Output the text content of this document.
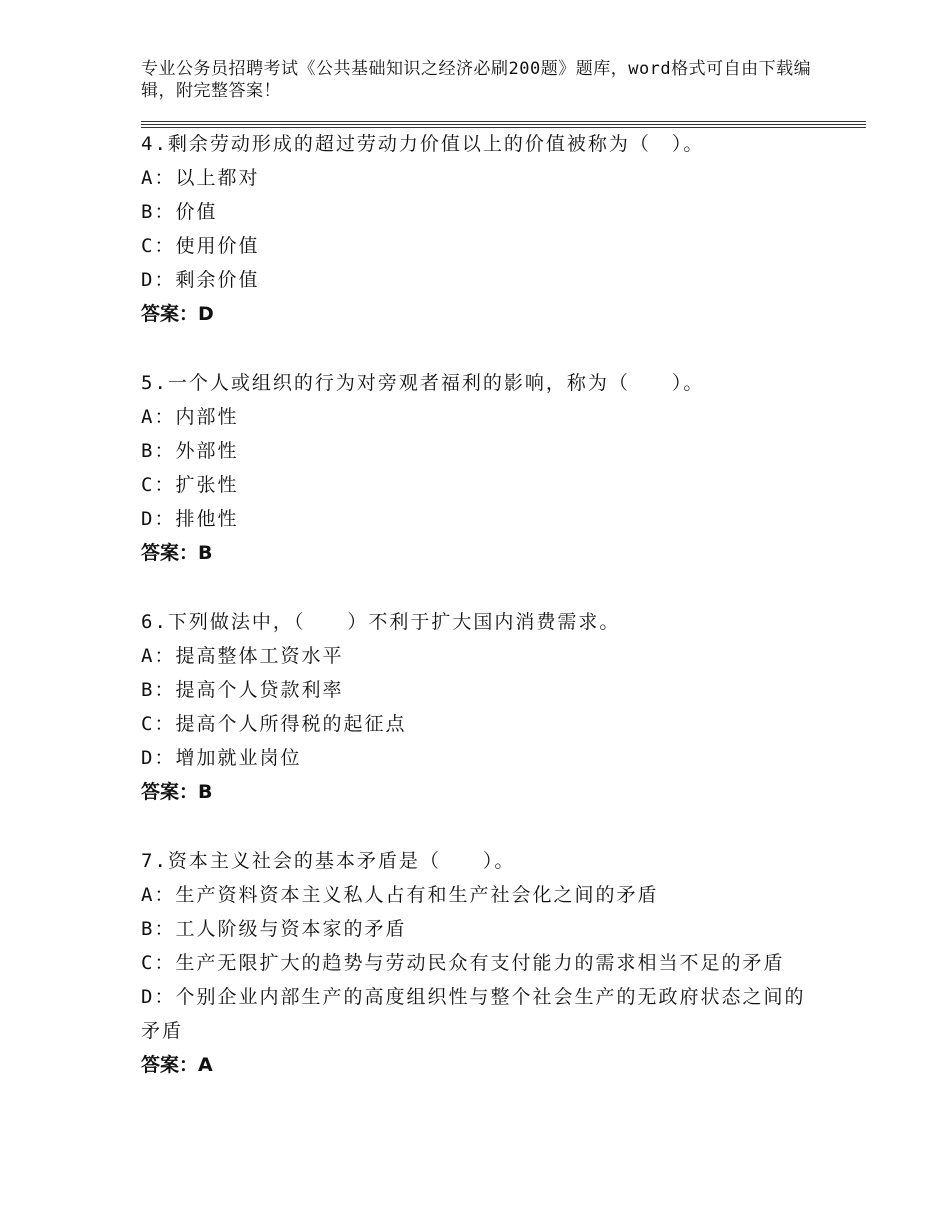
专业公务员招聘考试《公共基础知识之经济必刷200题》题库，word格式可自由下载编辑，附完整答案！
4.剩余劳动形成的超过劳动力价值以上的价值被称为（　）。
A：以上都对
B：价值
C：使用价值
D：剩余价值
答案：D
5.一个人或组织的行为对旁观者福利的影响，称为（　　）。
A：内部性
B：外部性
C：扩张性
D：排他性
答案：B
6.下列做法中，（　　）不利于扩大国内消费需求。
A：提高整体工资水平
B：提高个人贷款利率
C：提高个人所得税的起征点
D：增加就业岗位
答案：B
7.资本主义社会的基本矛盾是（　　）。
A：生产资料资本主义私人占有和生产社会化之间的矛盾
B：工人阶级与资本家的矛盾
C：生产无限扩大的趋势与劳动民众有支付能力的需求相当不足的矛盾
D：个别企业内部生产的高度组织性与整个社会生产的无政府状态之间的矛盾
答案：A
